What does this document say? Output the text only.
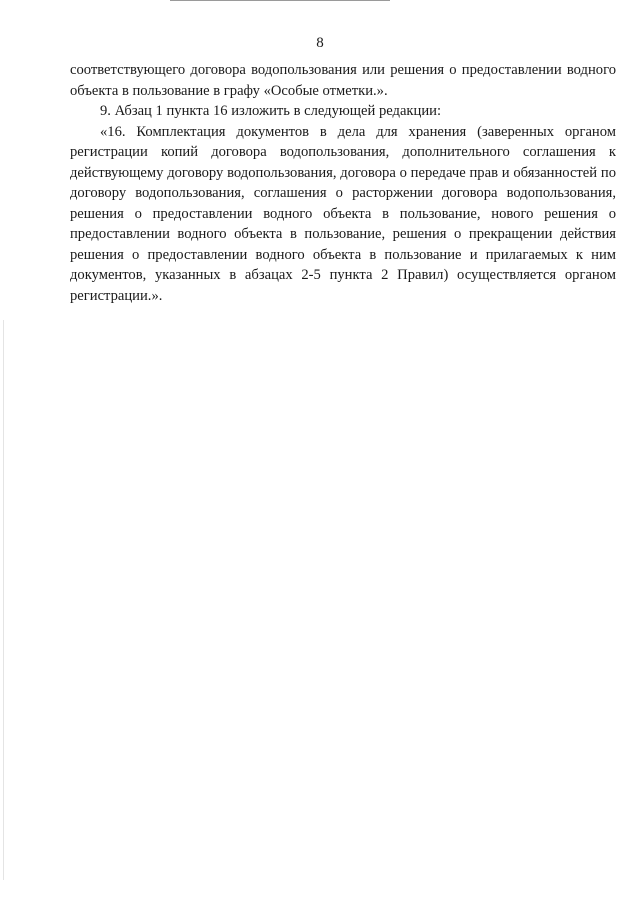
8

соответствующего договора водопользования или решения о предоставлении водного объекта в пользование в графу «Особые отметки.».

9. Абзац 1 пункта 16 изложить в следующей редакции:

«16. Комплектация документов в дела для хранения (заверенных органом регистрации копий договора водопользования, дополнительного соглашения к действующему договору водопользования, договора о передаче прав и обязанностей по договору водопользования, соглашения о расторжении договора водопользования, решения о предоставлении водного объекта в пользование, нового решения о предоставлении водного объекта в пользование, решения о прекращении действия решения о предоставлении водного объекта в пользование и прилагаемых к ним документов, указанных в абзацах 2-5 пункта 2 Правил) осуществляется органом регистрации.».
